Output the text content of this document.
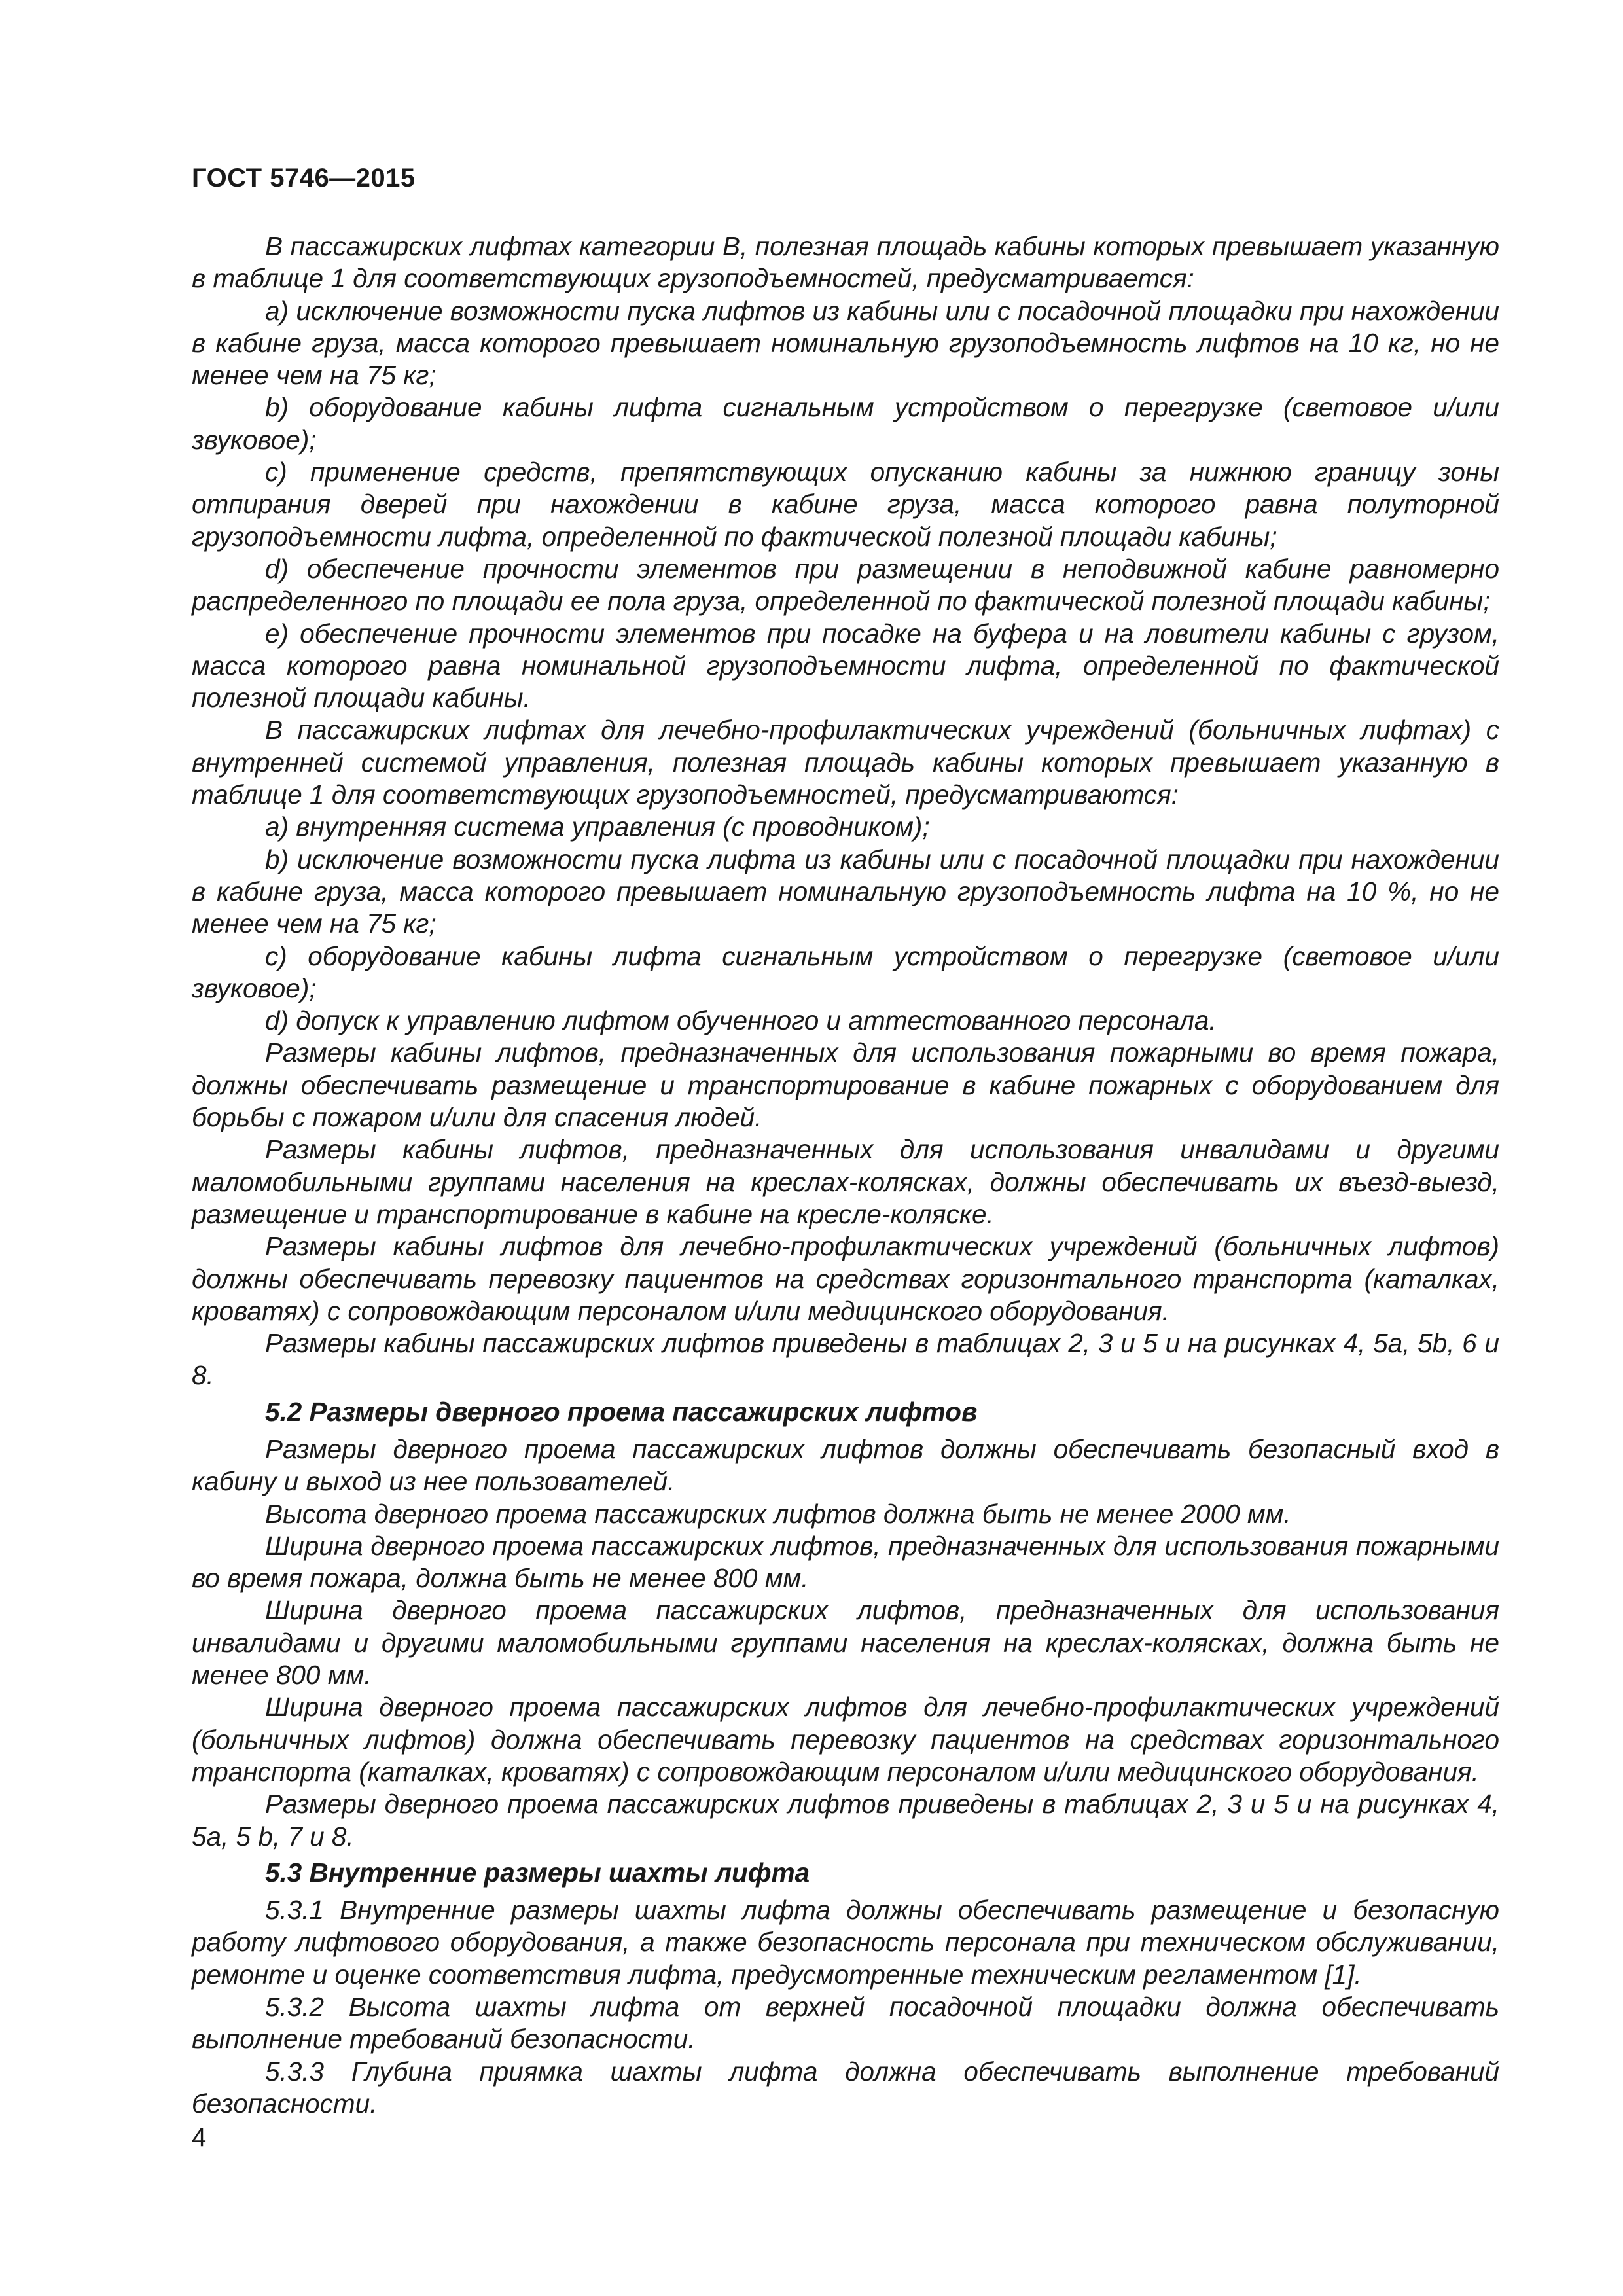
ГОСТ 5746—2015

В пассажирских лифтах категории В, полезная площадь кабины которых превышает указанную в таблице 1 для соответствующих грузоподъемностей, предусматривается:

a) исключение возможности пуска лифтов из кабины или с посадочной площадки при нахождении в кабине груза, масса которого превышает номинальную грузоподъемность лифтов на 10 кг, но не менее чем на 75 кг;

b) оборудование кабины лифта сигнальным устройством о перегрузке (световое и/или звуковое);

c) применение средств, препятствующих опусканию кабины за нижнюю границу зоны отпирания дверей при нахождении в кабине груза, масса которого равна полуторной грузоподъемности лифта, определенной по фактической полезной площади кабины;

d) обеспечение прочности элементов при размещении в неподвижной кабине равномерно распределенного по площади ее пола груза, определенной по фактической полезной площади кабины;

e) обеспечение прочности элементов при посадке на буфера и на ловители кабины с грузом, масса которого равна номинальной грузоподъемности лифта, определенной по фактической полезной площади кабины.

В пассажирских лифтах для лечебно-профилактических учреждений (больничных лифтах) с внутренней системой управления, полезная площадь кабины которых превышает указанную в таблице 1 для соответствующих грузоподъемностей, предусматриваются:

a) внутренняя система управления (с проводником);

b) исключение возможности пуска лифта из кабины или с посадочной площадки при нахождении в кабине груза, масса которого превышает номинальную грузоподъемность лифта на 10 %, но не менее чем на 75 кг;

c) оборудование кабины лифта сигнальным устройством о перегрузке (световое и/или звуковое);

d) допуск к управлению лифтом обученного и аттестованного персонала.

Размеры кабины лифтов, предназначенных для использования пожарными во время пожара, должны обеспечивать размещение и транспортирование в кабине пожарных с оборудованием для борьбы с пожаром и/или для спасения людей.

Размеры кабины лифтов, предназначенных для использования инвалидами и другими маломобильными группами населения на креслах-колясках, должны обеспечивать их въезд-выезд, размещение и транспортирование в кабине на кресле-коляске.

Размеры кабины лифтов для лечебно-профилактических учреждений (больничных лифтов) должны обеспечивать перевозку пациентов на средствах горизонтального транспорта (каталках, кроватях) с сопровождающим персоналом и/или медицинского оборудования.

Размеры кабины пассажирских лифтов приведены в таблицах 2, 3 и 5 и на рисунках 4, 5а, 5b, 6 и 8.

5.2 Размеры дверного проема пассажирских лифтов

Размеры дверного проема пассажирских лифтов должны обеспечивать безопасный вход в кабину и выход из нее пользователей.

Высота дверного проема пассажирских лифтов должна быть не менее 2000 мм.

Ширина дверного проема пассажирских лифтов, предназначенных для использования пожарными во время пожара, должна быть не менее 800 мм.

Ширина дверного проема пассажирских лифтов, предназначенных для использования инвалидами и другими маломобильными группами населения на креслах-колясках, должна быть не менее 800 мм.

Ширина дверного проема пассажирских лифтов для лечебно-профилактических учреждений (больничных лифтов) должна обеспечивать перевозку пациентов на средствах горизонтального транспорта (каталках, кроватях) с сопровождающим персоналом и/или медицинского оборудования.

Размеры дверного проема пассажирских лифтов приведены в таблицах 2, 3 и 5 и на рисунках 4, 5а, 5 b, 7 и 8.

5.3 Внутренние размеры шахты лифта

5.3.1 Внутренние размеры шахты лифта должны обеспечивать размещение и безопасную работу лифтового оборудования, а также безопасность персонала при техническом обслуживании, ремонте и оценке соответствия лифта, предусмотренные техническим регламентом [1].

5.3.2 Высота шахты лифта от верхней посадочной площадки должна обеспечивать выполнение требований безопасности.

5.3.3 Глубина приямка шахты лифта должна обеспечивать выполнение требований безопасности.

4
